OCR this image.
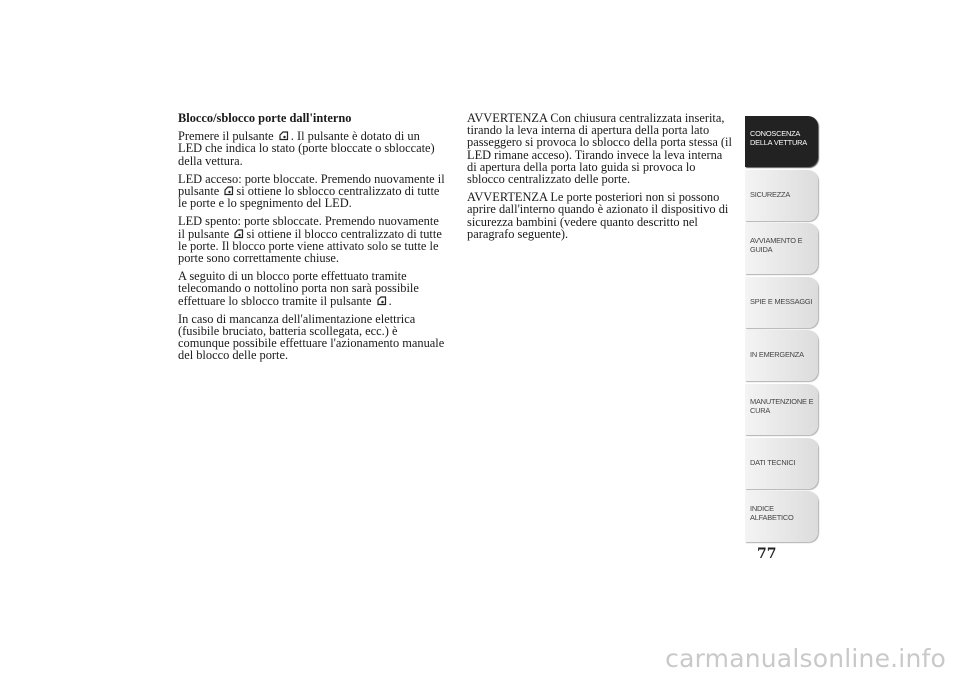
Blocco/sblocco porte dall'interno

Premere il pulsante . Il pulsante è dotato di un LED che indica lo stato (porte bloccate o sbloccate) della vettura.

LED acceso: porte bloccate. Premendo nuovamente il pulsante si ottiene lo sblocco centralizzato di tutte le porte e lo spegnimento del LED.

LED spento: porte sbloccate. Premendo nuovamente il pulsante si ottiene il blocco centralizzato di tutte le porte. Il blocco porte viene attivato solo se tutte le porte sono correttamente chiuse.

A seguito di un blocco porte effettuato tramite telecomando o nottolino porta non sarà possibile effettuare lo sblocco tramite il pulsante .

In caso di mancanza dell'alimentazione elettrica (fusibile bruciato, batteria scollegata, ecc.) è comunque possibile effettuare l'azionamento manuale del blocco delle porte.

AVVERTENZA Con chiusura centralizzata inserita, tirando la leva interna di apertura della porta lato passeggero si provoca lo sblocco della porta stessa (il LED rimane acceso). Tirando invece la leva interna di apertura della porta lato guida si provoca lo sblocco centralizzato delle porte.

AVVERTENZA Le porte posteriori non si possono aprire dall'interno quando è azionato il dispositivo di sicurezza bambini (vedere quanto descritto nel paragrafo seguente).

CONOSCENZA DELLA VETTURA
SICUREZZA
AVVIAMENTO E GUIDA
SPIE E MESSAGGI
IN EMERGENZA
MANUTENZIONE E CURA
DATI TECNICI
INDICE ALFABETICO
77
carmanualsonline.info
